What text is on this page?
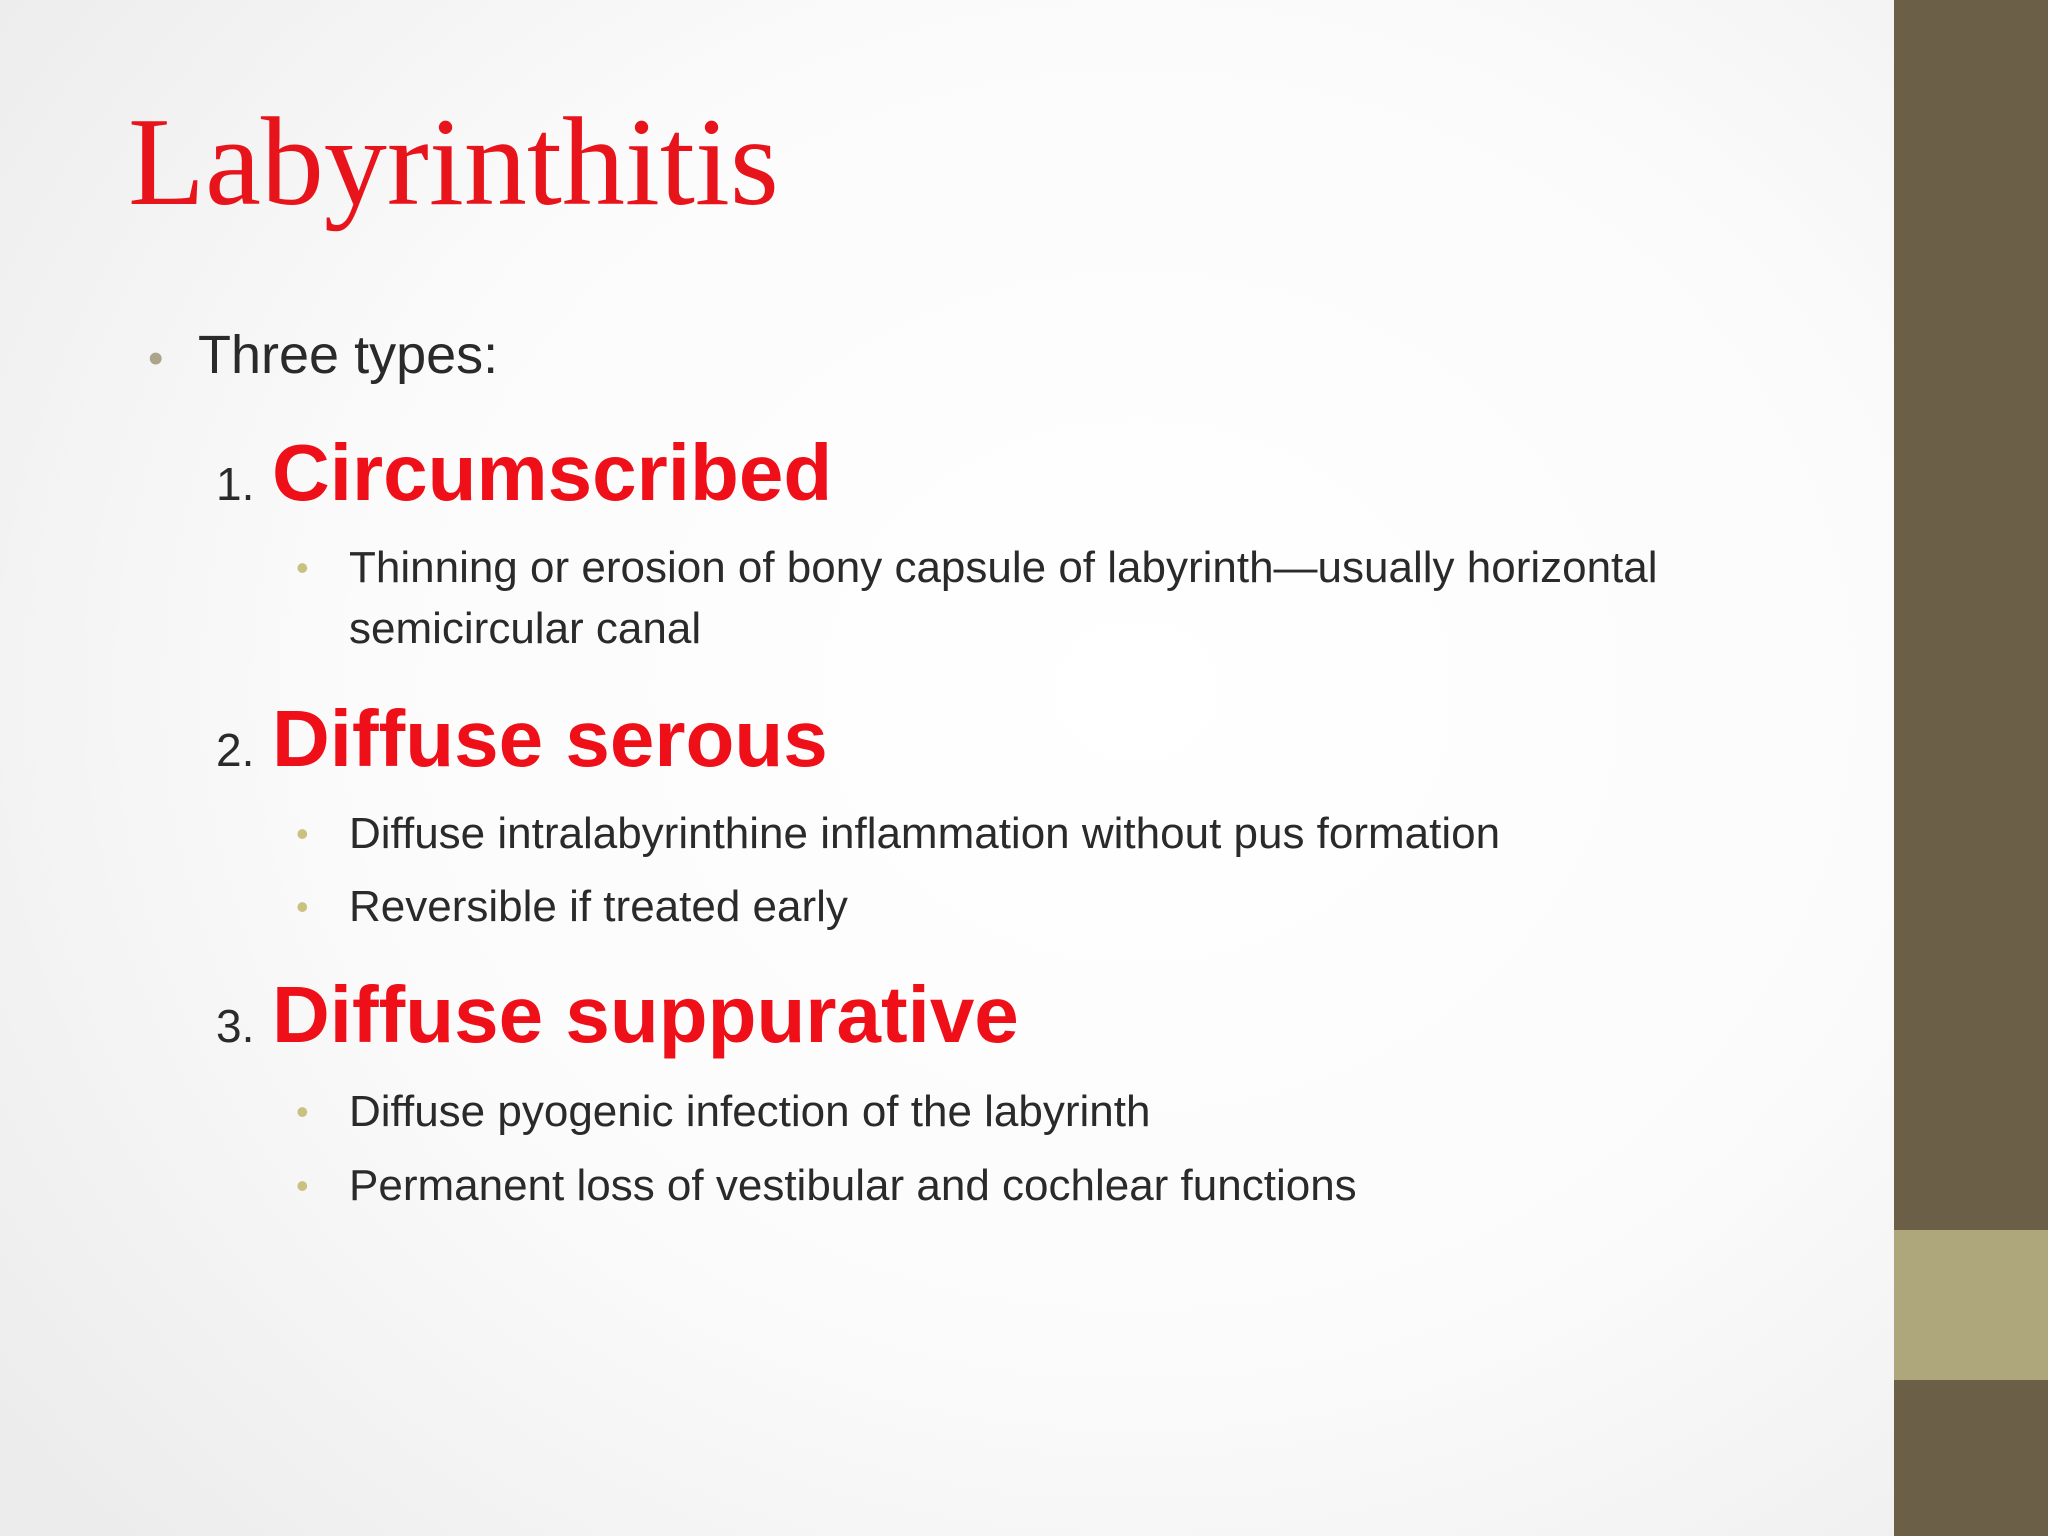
Labyrinthitis
• Three types:
1. Circumscribed
• Thinning or erosion of bony capsule of labyrinth—usually horizontal
semicircular canal
2. Diffuse serous
• Diffuse intralabyrinthine inflammation without pus formation
• Reversible if treated early
3. Diffuse suppurative
• Diffuse pyogenic infection of the labyrinth
• Permanent loss of vestibular and cochlear functions
